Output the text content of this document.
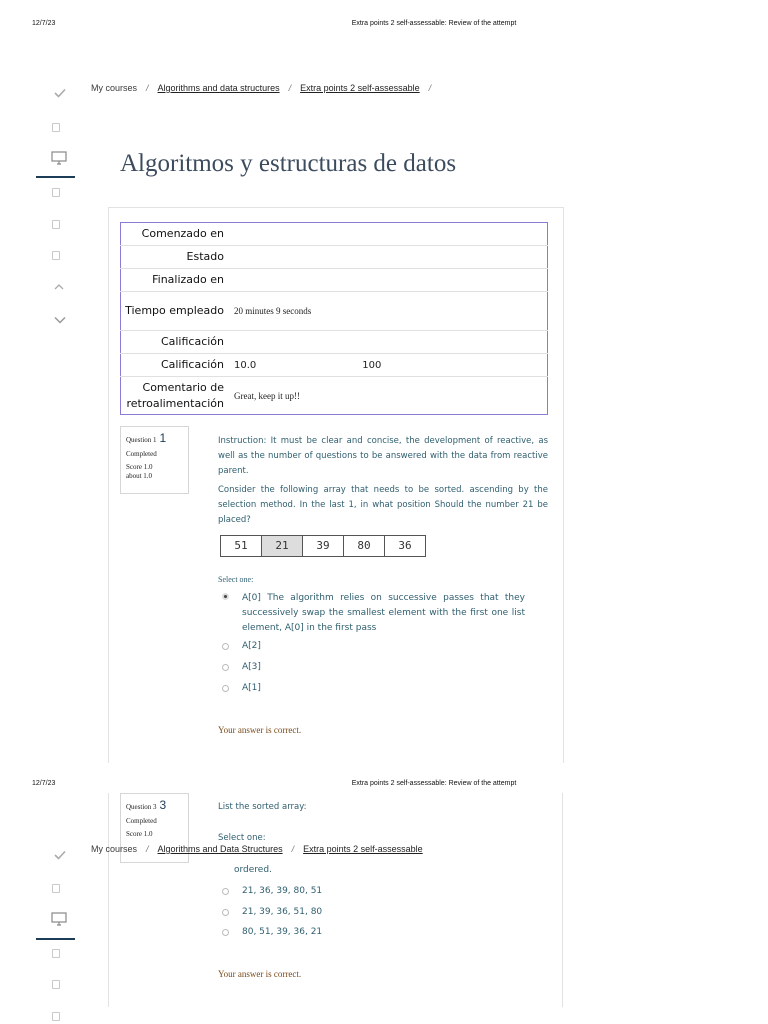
12/7/23	Extra points 2 self-assessable: Review of the attempt
My courses / Algorithms and data structures / Extra points 2 self-assessable /
Algoritmos y estructuras de datos
Comenzado en	
Estado	
Finalizado en	
Tiempo empleado	20 minutes 9 seconds
Calificación	
Calificación	10.0 100
Comentario de retroalimentación	Great, keep it up!!
Question 1 1
Completed
Score 1.0
about 1.0
Instruction: It must be clear and concise, the development of reactive, as well as the number of questions to be answered with the data from reactive parent.
Consider the following array that needs to be sorted. ascending by the selection method. In the last 1, in what position Should the number 21 be placed?
51	21	39	80	36
Select one:
A[0] The algorithm relies on successive passes that they successively swap the smallest element with the first one list element, A[0] in the first pass
A[2]
A[3]
A[1]
Your answer is correct.
12/7/23	Extra points 2 self-assessable: Review of the attempt
Question 3 3
Completed
Score 1.0
List the sorted array:
Select one:
My courses / Algorithms and Data Structures / Extra points 2 self-assessable
ordered.
21, 36, 39, 80, 51
21, 39, 36, 51, 80
80, 51, 39, 36, 21
Your answer is correct.
